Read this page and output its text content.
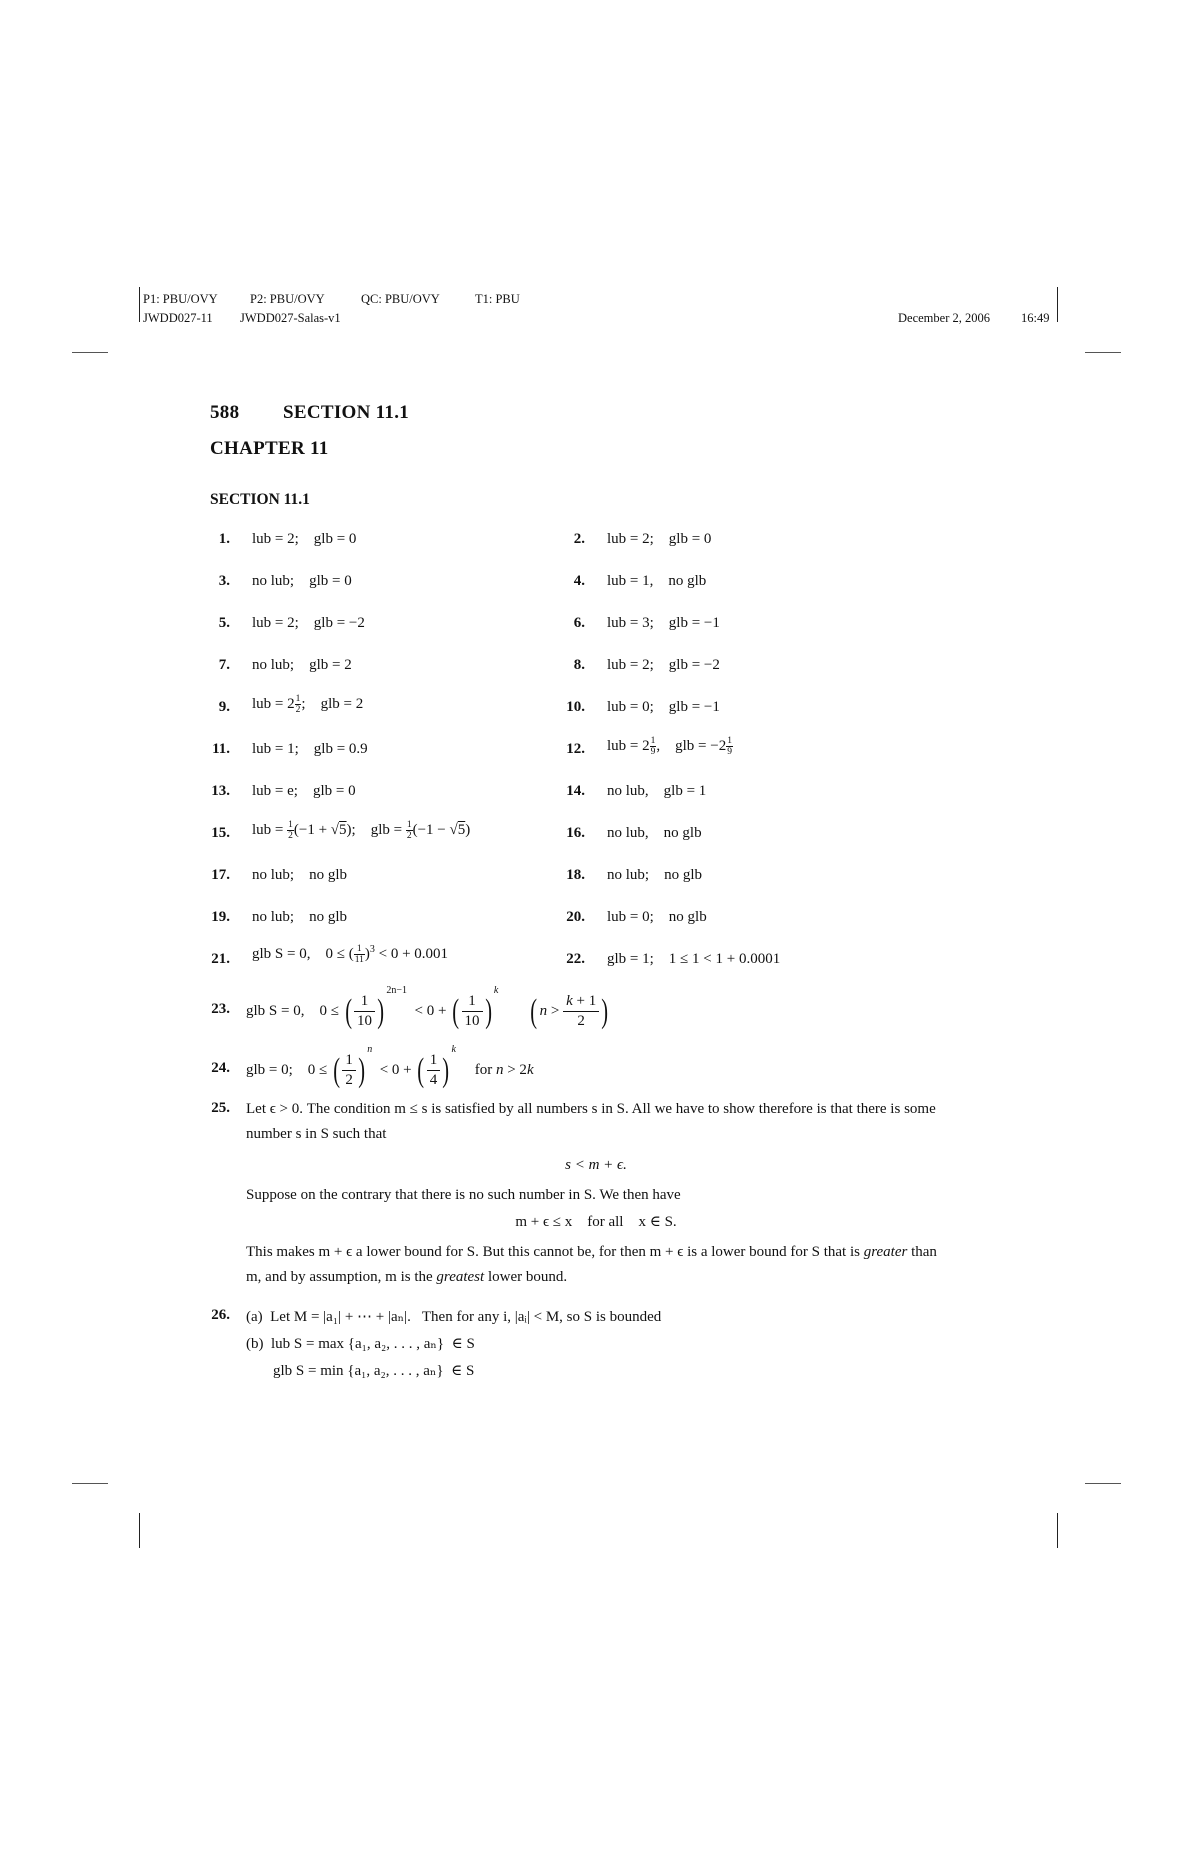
P1: PBU/OVY	P2: PBU/OVY	QC: PBU/OVY	T1: PBU
JWDD027-11 JWDD027-Salas-v1	December 2, 2006 16:49
588 SECTION 11.1
CHAPTER 11
SECTION 11.1
1. lub = 2;    glb = 0	2. lub = 2;    glb = 0
3. no lub;    glb = 0	4. lub = 1,    no glb
5. lub = 2;    glb = −2	6. lub = 3;    glb = −1
7. no lub;    glb = 2	8. lub = 2;    glb = −2
9. lub = $2 \frac{1}{2}$ ;    glb = 2	10. lub = 0;    glb = −1
11. lub = 1;    glb = 0.9	12. lub = $2 \frac{1}{9}$ ,    glb = $-2 \frac{1}{9}$
13. lub = e;    glb = 0	14. no lub,    glb = 1
15. lub = $\frac{1}{2} (-1 + √5)$;    glb = $\frac{1}{2} (-1 - √5)$	16. no lub,    no glb
17. no lub;    no glb	18. no lub;    no glb
19. no lub;    no glb	20. lub = 0;    no glb
21. glb S = 0,    0 ≤ ( $\frac{1}{11} )^3 < 0 + 0.001$	22. glb = 1;    1 ≤ 1 < 1 + 0.0001
23. glb S = 0,    0 ≤ ( $\frac{1}{10} )^{2n-1} < 0$ + ( $\frac{1}{10} )^k$        ( $n > \frac{k + 1}{2}$ )
24. glb = 0;    0 ≤ ( $\frac{1}{2} )^n < 0$ + ( $\frac{1}{4} )^k$     for n > 2k
25. Let ϵ > 0. The condition m ≤ s is satisfied by all numbers s in S. All we have to show therefore is that there is some number s in S such that
s < m + ϵ.
Suppose on the contrary that there is no such number in S. We then have
m + ϵ ≤ x    for all    x ∈ S.
This makes m + ϵ a lower bound for S. But this cannot be, for then m + ϵ is a lower bound for S that is greater than m, and by assumption, m is the greatest lower bound.
26. (a)  Let M = |a₁| + ⋯ + |aₙ|.   Then for any i, |aᵢ| < M, so S is bounded
(b)  lub S = max {a₁, a₂, . . . , aₙ}  ∈ S
glb S = min {a₁, a₂, . . . , aₙ}  ∈ S
